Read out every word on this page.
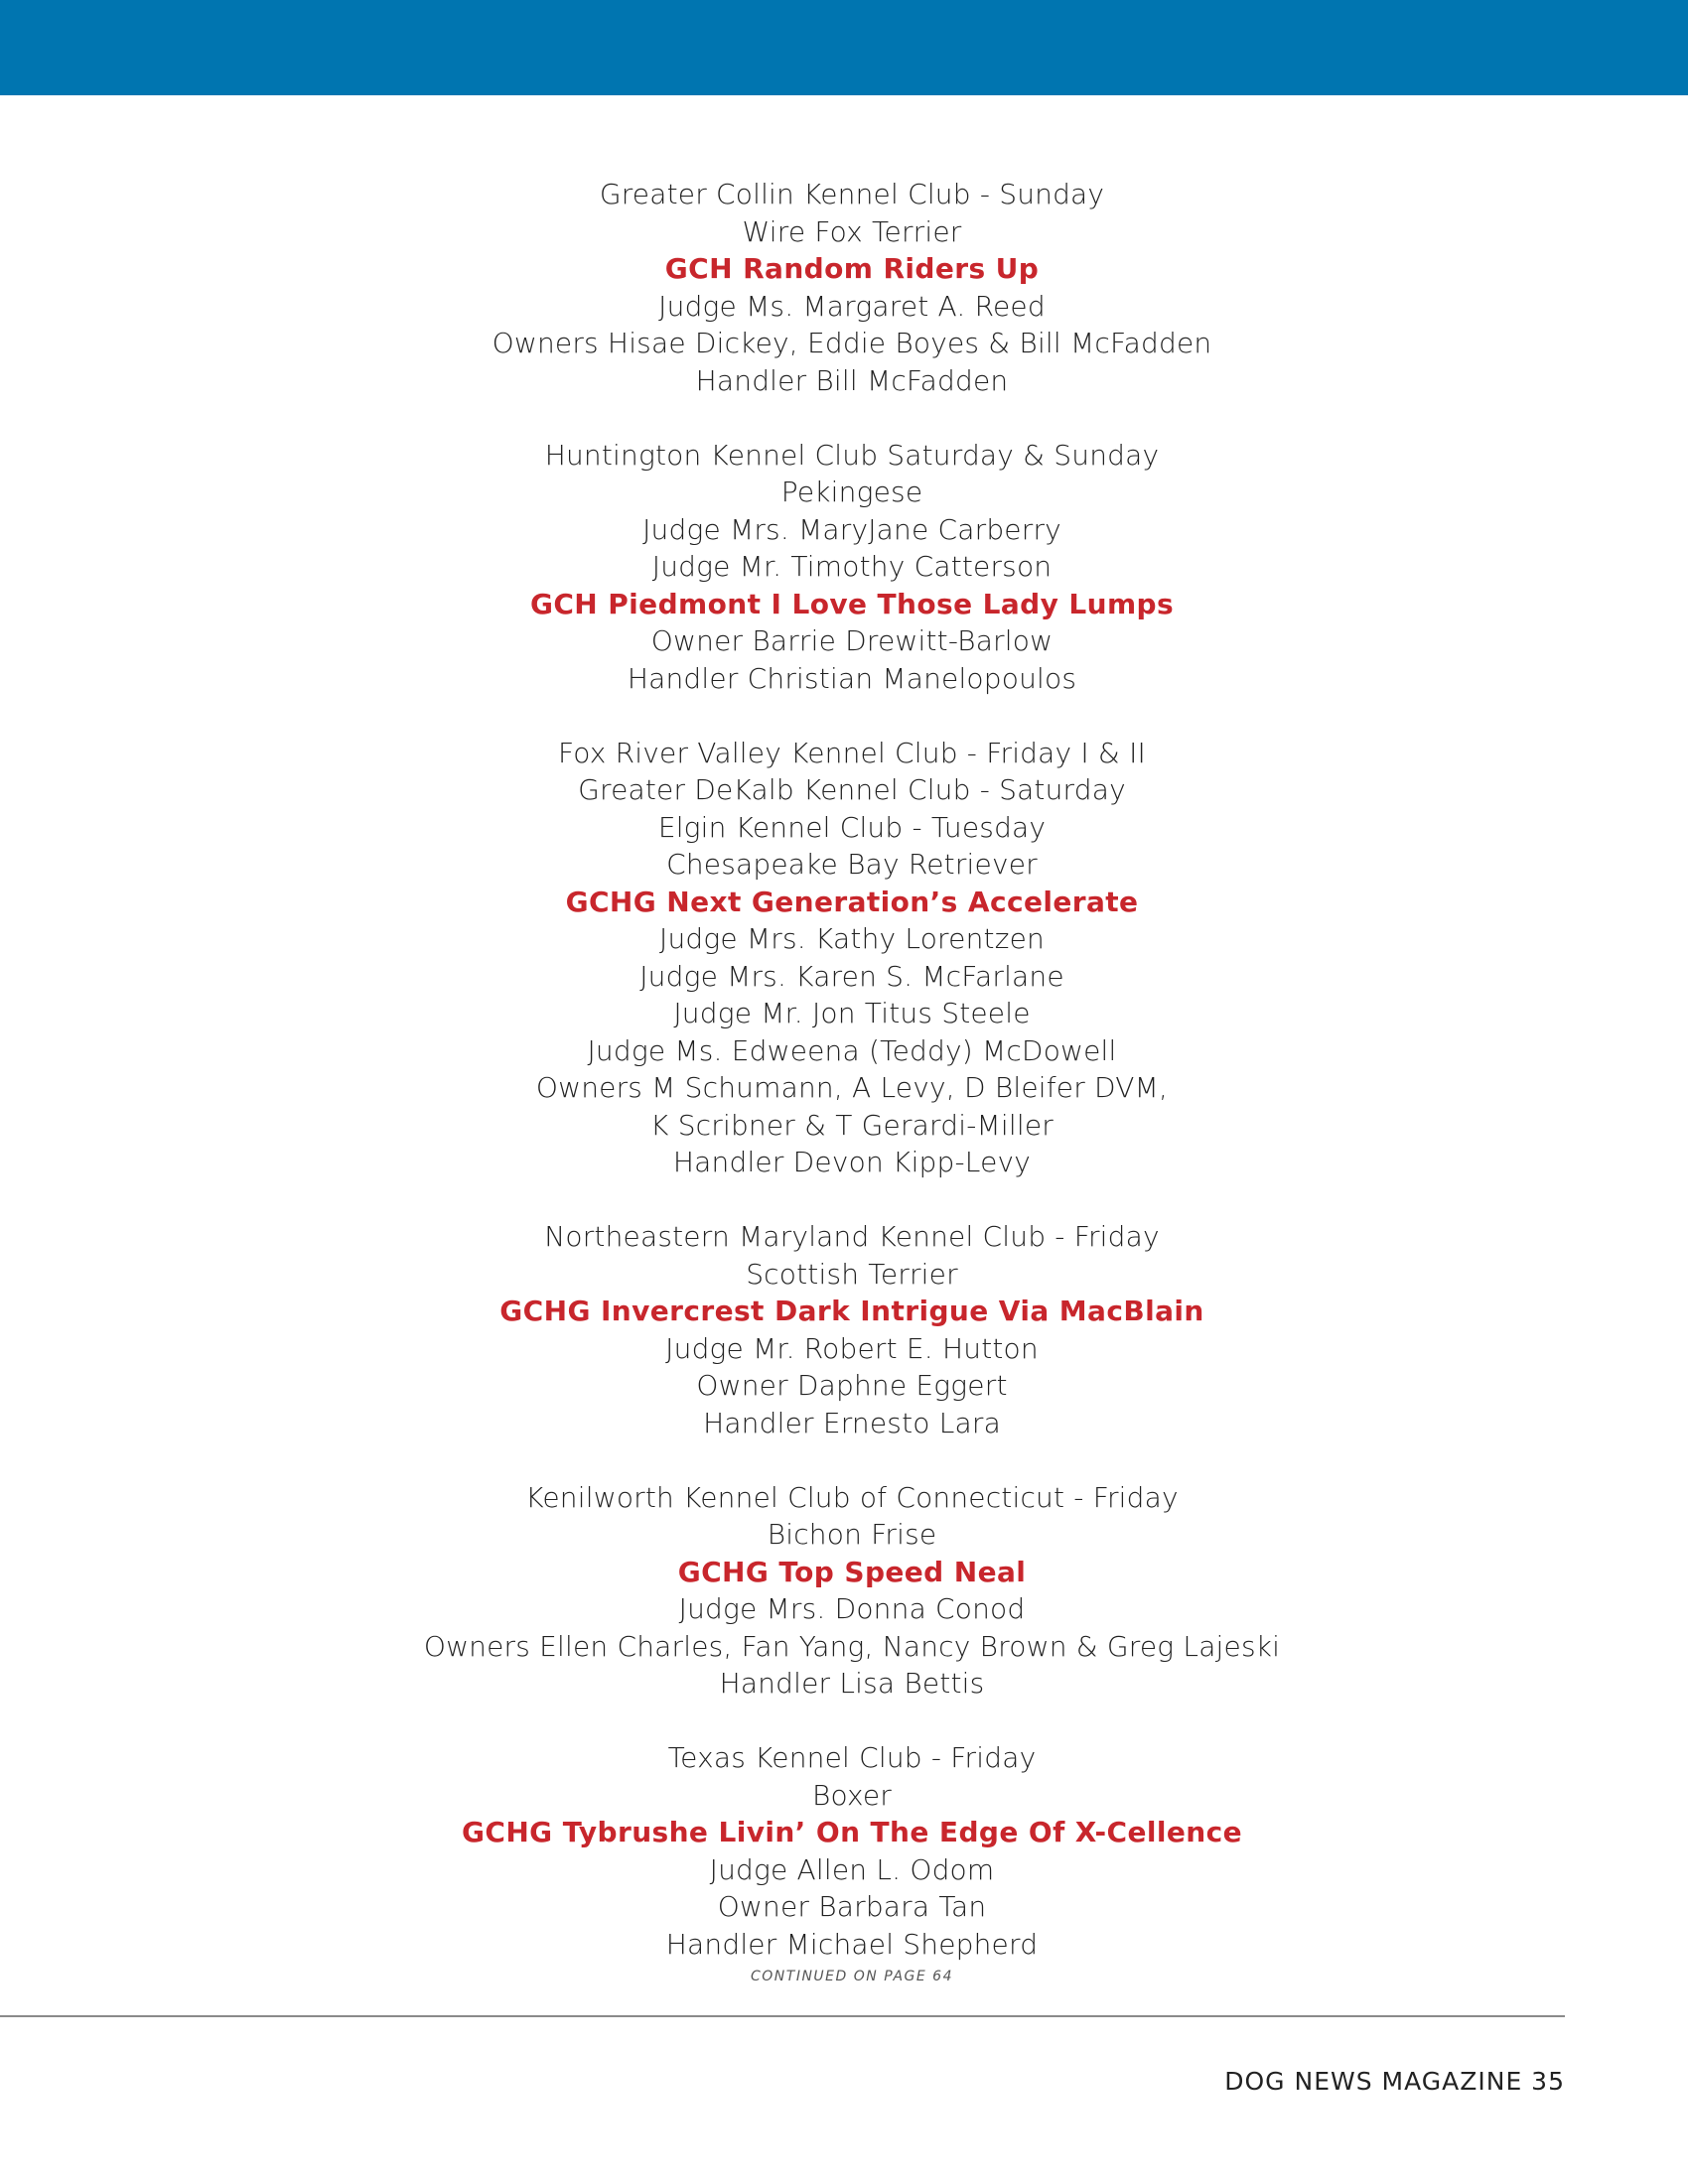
Greater Collin Kennel Club - Sunday
Wire Fox Terrier
GCH Random Riders Up
Judge Ms. Margaret A. Reed
Owners Hisae Dickey, Eddie Boyes & Bill McFadden
Handler Bill McFadden
Huntington Kennel Club Saturday & Sunday
Pekingese
Judge Mrs. MaryJane Carberry
Judge Mr. Timothy Catterson
GCH Piedmont I Love Those Lady Lumps
Owner Barrie Drewitt-Barlow
Handler Christian Manelopoulos
Fox River Valley Kennel Club - Friday I & II
Greater DeKalb Kennel Club - Saturday
Elgin Kennel Club - Tuesday
Chesapeake Bay Retriever
GCHG Next Generation’s Accelerate
Judge Mrs. Kathy Lorentzen
Judge Mrs. Karen S. McFarlane
Judge Mr. Jon Titus Steele
Judge Ms. Edweena (Teddy) McDowell
Owners M Schumann, A Levy, D Bleifer DVM,
K Scribner & T Gerardi-Miller
Handler Devon Kipp-Levy
Northeastern Maryland Kennel Club - Friday
Scottish Terrier
GCHG Invercrest Dark Intrigue Via MacBlain
Judge Mr. Robert E. Hutton
Owner Daphne Eggert
Handler Ernesto Lara
Kenilworth Kennel Club of Connecticut - Friday
Bichon Frise
GCHG Top Speed Neal
Judge Mrs. Donna Conod
Owners Ellen Charles, Fan Yang, Nancy Brown & Greg Lajeski
Handler Lisa Bettis
Texas Kennel Club - Friday
Boxer
GCHG Tybrushe Livin’ On The Edge Of X-Cellence
Judge Allen L. Odom
Owner Barbara Tan
Handler Michael Shepherd
CONTINUED ON PAGE 64
DOG NEWS MAGAZINE 35
